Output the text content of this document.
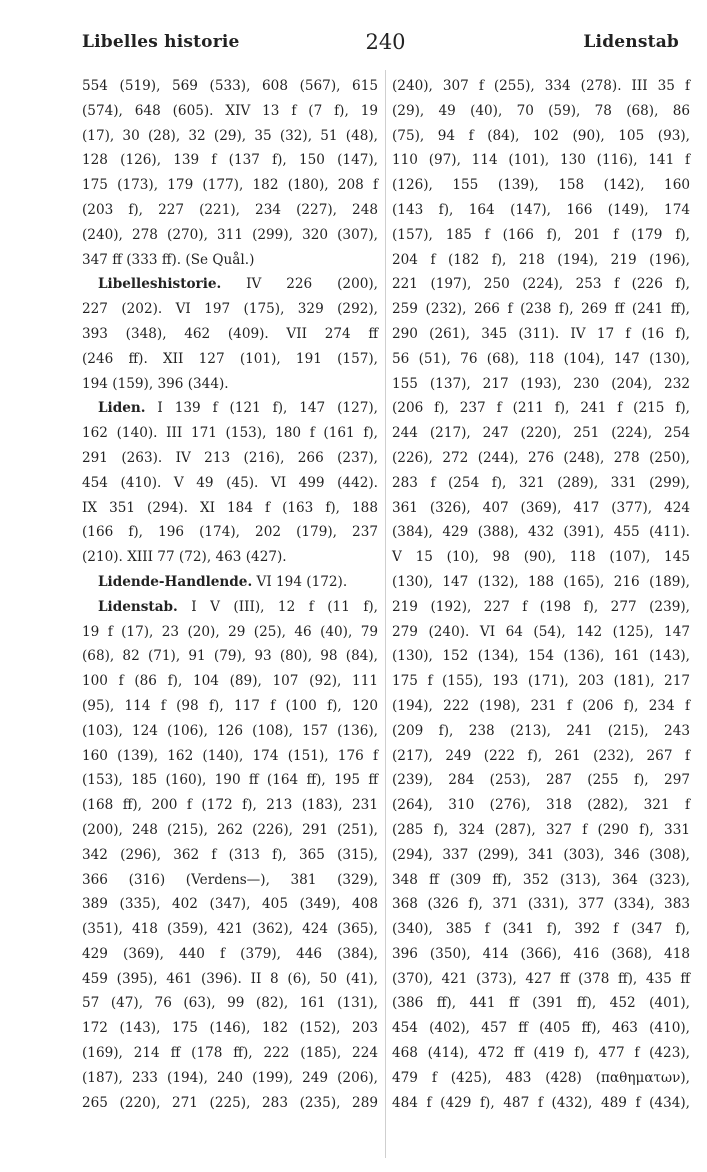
Libelles historie	240	Lidenstab
554 (519), 569 (533), 608 (567), 615
(574), 648 (605). XIV 13 f (7 f), 19
(17), 30 (28), 32 (29), 35 (32), 51 (48),
128 (126), 139 f (137 f), 150 (147),
175 (173), 179 (177), 182 (180), 208 f
(203 f), 227 (221), 234 (227), 248
(240), 278 (270), 311 (299), 320 (307),
347 ff (333 ff). (Se Quål.)
Libelleshistorie. IV 226 (200),
227 (202). VI 197 (175), 329 (292),
393 (348), 462 (409). VII 274 ff
(246 ff). XII 127 (101), 191 (157),
194 (159), 396 (344).
Liden. I 139 f (121 f), 147 (127),
162 (140). III 171 (153), 180 f (161 f),
291 (263). IV 213 (216), 266 (237),
454 (410). V 49 (45). VI 499 (442).
IX 351 (294). XI 184 f (163 f), 188
(166 f), 196 (174), 202 (179), 237
(210). XIII 77 (72), 463 (427).
Lidende-Handlende. VI 194 (172).
Lidenstab. I V (III), 12 f (11 f),
19 f (17), 23 (20), 29 (25), 46 (40), 79
(68), 82 (71), 91 (79), 93 (80), 98 (84),
100 f (86 f), 104 (89), 107 (92), 111
(95), 114 f (98 f), 117 f (100 f), 120
(103), 124 (106), 126 (108), 157 (136),
160 (139), 162 (140), 174 (151), 176 f
(153), 185 (160), 190 ff (164 ff), 195 ff
(168 ff), 200 f (172 f), 213 (183), 231
(200), 248 (215), 262 (226), 291 (251),
342 (296), 362 f (313 f), 365 (315),
366 (316) (Verdens—), 381 (329),
389 (335), 402 (347), 405 (349), 408
(351), 418 (359), 421 (362), 424 (365),
429 (369), 440 f (379), 446 (384),
459 (395), 461 (396). II 8 (6), 50 (41),
57 (47), 76 (63), 99 (82), 161 (131),
172 (143), 175 (146), 182 (152), 203
(169), 214 ff (178 ff), 222 (185), 224
(187), 233 (194), 240 (199), 249 (206),
265 (220), 271 (225), 283 (235), 289
(240), 307 f (255), 334 (278). III 35 f
(29), 49 (40), 70 (59), 78 (68), 86
(75), 94 f (84), 102 (90), 105 (93),
110 (97), 114 (101), 130 (116), 141 f
(126), 155 (139), 158 (142), 160
(143 f), 164 (147), 166 (149), 174
(157), 185 f (166 f), 201 f (179 f),
204 f (182 f), 218 (194), 219 (196),
221 (197), 250 (224), 253 f (226 f),
259 (232), 266 f (238 f), 269 ff (241 ff),
290 (261), 345 (311). IV 17 f (16 f),
56 (51), 76 (68), 118 (104), 147 (130),
155 (137), 217 (193), 230 (204), 232
(206 f), 237 f (211 f), 241 f (215 f),
244 (217), 247 (220), 251 (224), 254
(226), 272 (244), 276 (248), 278 (250),
283 f (254 f), 321 (289), 331 (299),
361 (326), 407 (369), 417 (377), 424
(384), 429 (388), 432 (391), 455 (411).
V 15 (10), 98 (90), 118 (107), 145
(130), 147 (132), 188 (165), 216 (189),
219 (192), 227 f (198 f), 277 (239),
279 (240). VI 64 (54), 142 (125), 147
(130), 152 (134), 154 (136), 161 (143),
175 f (155), 193 (171), 203 (181), 217
(194), 222 (198), 231 f (206 f), 234 f
(209 f), 238 (213), 241 (215), 243
(217), 249 (222 f), 261 (232), 267 f
(239), 284 (253), 287 (255 f), 297
(264), 310 (276), 318 (282), 321 f
(285 f), 324 (287), 327 f (290 f), 331
(294), 337 (299), 341 (303), 346 (308),
348 ff (309 ff), 352 (313), 364 (323),
368 (326 f), 371 (331), 377 (334), 383
(340), 385 f (341 f), 392 f (347 f),
396 (350), 414 (366), 416 (368), 418
(370), 421 (373), 427 ff (378 ff), 435 ff
(386 ff), 441 ff (391 ff), 452 (401),
454 (402), 457 ff (405 ff), 463 (410),
468 (414), 472 ff (419 f), 477 f (423),
479 f (425), 483 (428) (παθηματων),
484 f (429 f), 487 f (432), 489 f (434),
